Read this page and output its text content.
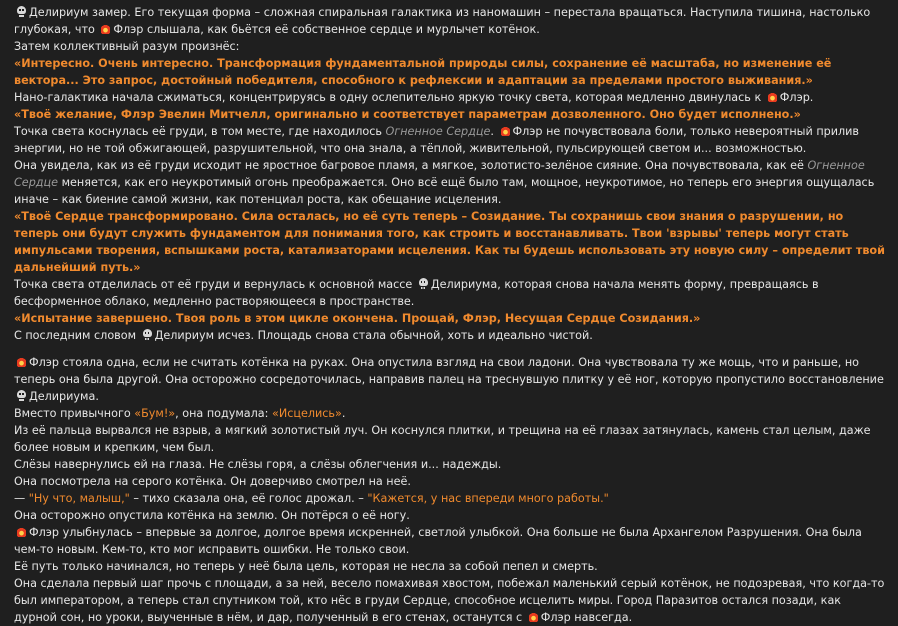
Делириум замер. Его текущая форма – сложная спиральная галактика из наномашин – перестала вращаться. Наступила тишина, настолько глубокая, что Флэр слышала, как бьётся её собственное сердце и мурлычет котёнок.

Затем коллективный разум произнёс:

«Интересно. Очень интересно. Трансформация фундаментальной природы силы, сохранение её масштаба, но изменение её вектора... Это запрос, достойный победителя, способного к рефлексии и адаптации за пределами простого выживания.»

Нано-галактика начала сжиматься, концентрируясь в одну ослепительно яркую точку света, которая медленно двинулась к Флэр.

«Твоё желание, Флэр Эвелин Митчелл, оригинально и соответствует параметрам дозволенного. Оно будет исполнено.»

Точка света коснулась её груди, в том месте, где находилось Огненное Сердце. Флэр не почувствовала боли, только невероятный прилив энергии, но не той обжигающей, разрушительной, что она знала, а тёплой, живительной, пульсирующей светом и... возможностью.

Она увидела, как из её груди исходит не яростное багровое пламя, а мягкое, золотисто-зелёное сияние. Она почувствовала, как её Огненное Сердце меняется, как его неукротимый огонь преображается. Оно всё ещё было там, мощное, неукротимое, но теперь его энергия ощущалась иначе – как биение самой жизни, как потенциал роста, как обещание исцеления.

«Твоё Сердце трансформировано. Сила осталась, но её суть теперь – Созидание. Ты сохранишь свои знания о разрушении, но теперь они будут служить фундаментом для понимания того, как строить и восстанавливать. Твои 'взрывы' теперь могут стать импульсами творения, вспышками роста, катализаторами исцеления. Как ты будешь использовать эту новую силу – определит твой дальнейший путь.»

Точка света отделилась от её груди и вернулась к основной массе Делириума, которая снова начала менять форму, превращаясь в бесформенное облако, медленно растворяющееся в пространстве.

«Испытание завершено. Твоя роль в этом цикле окончена. Прощай, Флэр, Несущая Сердце Созидания.»

С последним словом Делириум исчез. Площадь снова стала обычной, хоть и идеально чистой.

Флэр стояла одна, если не считать котёнка на руках. Она опустила взгляд на свои ладони. Она чувствовала ту же мощь, что и раньше, но теперь она была другой. Она осторожно сосредоточилась, направив палец на треснувшую плитку у её ног, которую пропустило восстановление Делириума.

Вместо привычного «Бум!», она подумала: «Исцелись».

Из её пальца вырвался не взрыв, а мягкий золотистый луч. Он коснулся плитки, и трещина на её глазах затянулась, камень стал целым, даже более новым и крепким, чем был.

Слёзы навернулись ей на глаза. Не слёзы горя, а слёзы облегчения и... надежды.

Она посмотрела на серого котёнка. Он доверчиво смотрел на неё.

— "Ну что, малыш," – тихо сказала она, её голос дрожал. – "Кажется, у нас впереди много работы."

Она осторожно опустила котёнка на землю. Он потёрся о её ногу.

Флэр улыбнулась – впервые за долгое, долгое время искренней, светлой улыбкой. Она больше не была Архангелом Разрушения. Она была чем-то новым. Кем-то, кто мог исправить ошибки. Не только свои.

Её путь только начинался, но теперь у неё была цель, которая не несла за собой пепел и смерть.

Она сделала первый шаг прочь с площади, а за ней, весело помахивая хвостом, побежал маленький серый котёнок, не подозревая, что когда-то был императором, а теперь стал спутником той, кто нёс в груди Сердце, способное исцелить миры. Город Паразитов остался позади, как дурной сон, но уроки, выученные в нём, и дар, полученный в его стенах, останутся с Флэр навсегда.
